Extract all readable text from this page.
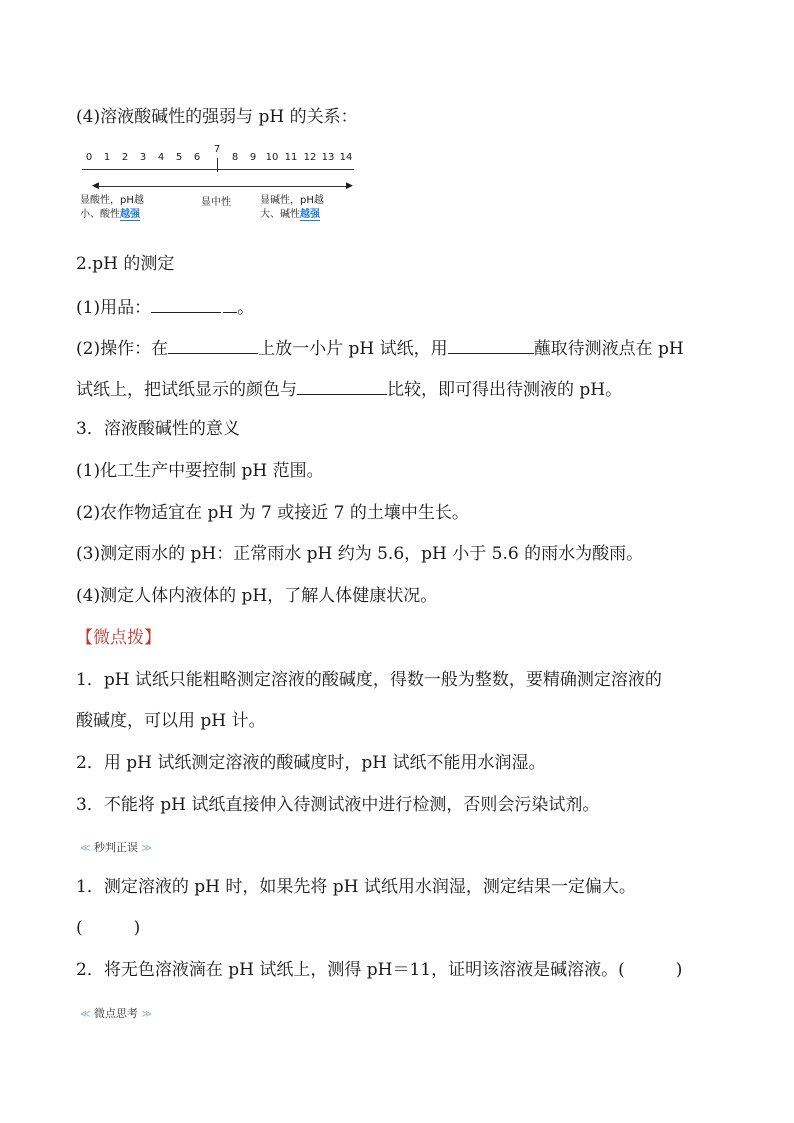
(4)溶液酸碱性的强弱与 pH 的关系：
0 1 2 3 4 5 6
7
8 9 10 11 12 13 14
◀	▶
显酸性，pH越
小、酸性越强
显中性	显碱性，pH越
大、碱性越强
2.pH 的测定
(1)用品：	。
(2)操作：在	上放一小片 pH 试纸，用	蘸取待测液点在 pH
试纸上，把试纸显示的颜色与	比较，即可得出待测液的 pH。
3．溶液酸碱性的意义
(1)化工生产中要控制 pH 范围。
(2)农作物适宜在 pH 为 7 或接近 7 的土壤中生长。
(3)测定雨水的 pH：正常雨水 pH 约为 5.6，pH 小于 5.6 的雨水为酸雨。
(4)测定人体内液体的 pH，了解人体健康状况。
【微点拨】
1．pH 试纸只能粗略测定溶液的酸碱度，得数一般为整数，要精确测定溶液的
酸碱度，可以用 pH 计。
2．用 pH 试纸测定溶液的酸碱度时，pH 试纸不能用水润湿。
3．不能将 pH 试纸直接伸入待测试液中进行检测，否则会污染试剂。
≪ 秒判正误 ≫
1．测定溶液的 pH 时，如果先将 pH 试纸用水润湿，测定结果一定偏大。
(　　　)
2．将无色溶液滴在 pH 试纸上，测得 pH＝11，证明该溶液是碱溶液。(　　　)
≪ 微点思考 ≫
